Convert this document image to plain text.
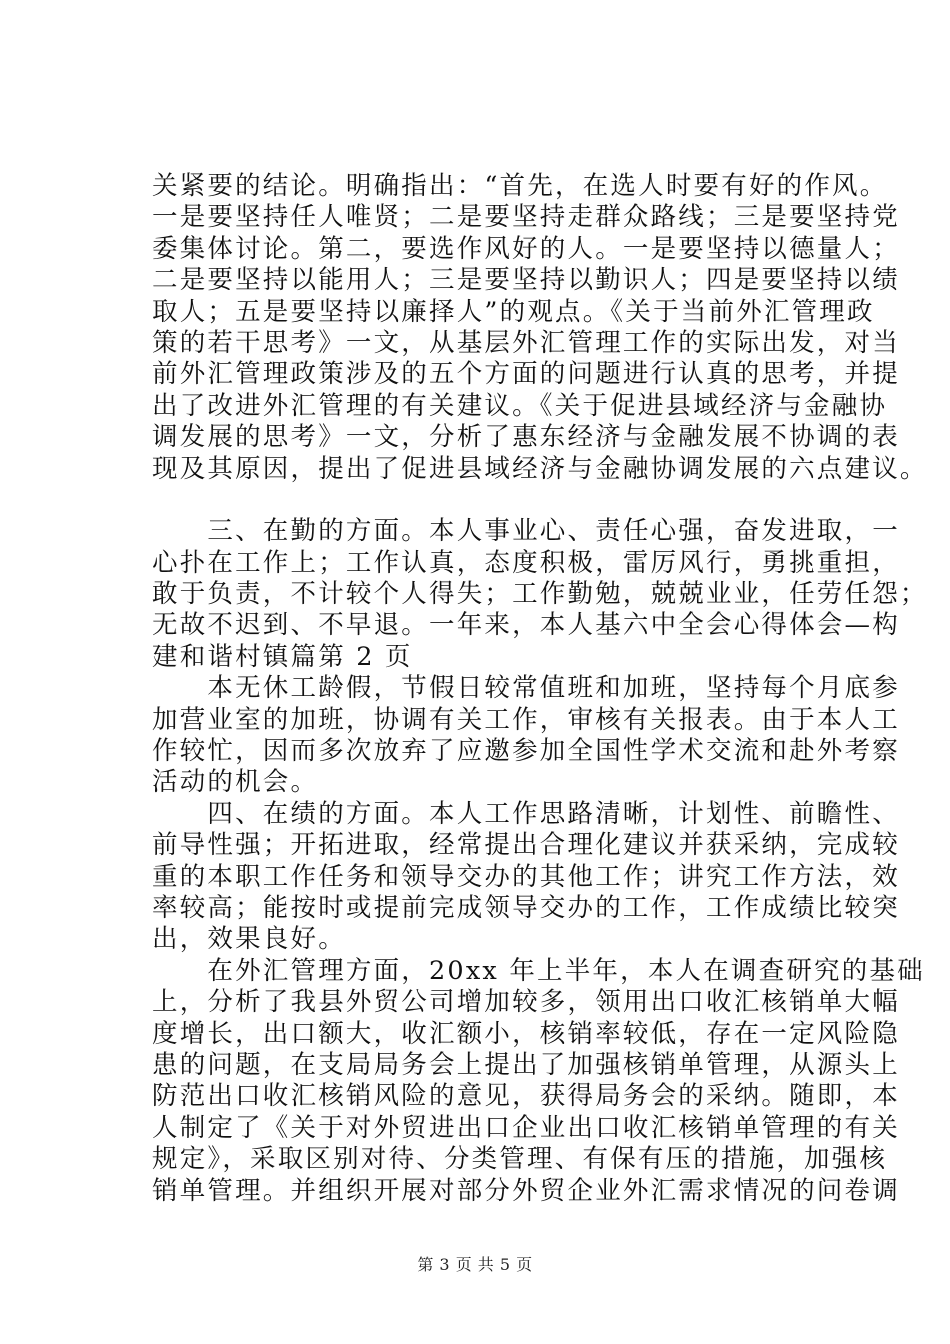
关紧要的结论。明确指出：“首先，在选人时要有好的作风。
一是要坚持任人唯贤；二是要坚持走群众路线；三是要坚持党
委集体讨论。第二，要选作风好的人。一是要坚持以德量人；
二是要坚持以能用人；三是要坚持以勤识人；四是要坚持以绩
取人；五是要坚持以廉择人”的观点。《关于当前外汇管理政
策的若干思考》一文，从基层外汇管理工作的实际出发，对当
前外汇管理政策涉及的五个方面的问题进行认真的思考，并提
出了改进外汇管理的有关建议。《关于促进县域经济与金融协
调发展的思考》一文，分析了惠东经济与金融发展不协调的表
现及其原因，提出了促进县域经济与金融协调发展的六点建议。
　　三、在勤的方面。本人事业心、责任心强，奋发进取，一
心扑在工作上；工作认真，态度积极，雷厉风行，勇挑重担，
敢于负责，不计较个人得失；工作勤勉，兢兢业业，任劳任怨；
无故不迟到、不早退。一年来，本人基六中全会心得体会—构
建和谐村镇篇第 2 页
　　本无休工龄假，节假日较常值班和加班，坚持每个月底参
加营业室的加班，协调有关工作，审核有关报表。由于本人工
作较忙，因而多次放弃了应邀参加全国性学术交流和赴外考察
活动的机会。
　　四、在绩的方面。本人工作思路清晰，计划性、前瞻性、
前导性强；开拓进取，经常提出合理化建议并获采纳，完成较
重的本职工作任务和领导交办的其他工作；讲究工作方法，效
率较高；能按时或提前完成领导交办的工作，工作成绩比较突
出，效果良好。
　　在外汇管理方面，20xx 年上半年，本人在调查研究的基础
上，分析了我县外贸公司增加较多，领用出口收汇核销单大幅
度增长，出口额大，收汇额小，核销率较低，存在一定风险隐
患的问题，在支局局务会上提出了加强核销单管理，从源头上
防范出口收汇核销风险的意见，获得局务会的采纳。随即，本
人制定了《关于对外贸进出口企业出口收汇核销单管理的有关
规定》，采取区别对待、分类管理、有保有压的措施，加强核
销单管理。并组织开展对部分外贸企业外汇需求情况的问卷调
第 3 页 共 5 页
